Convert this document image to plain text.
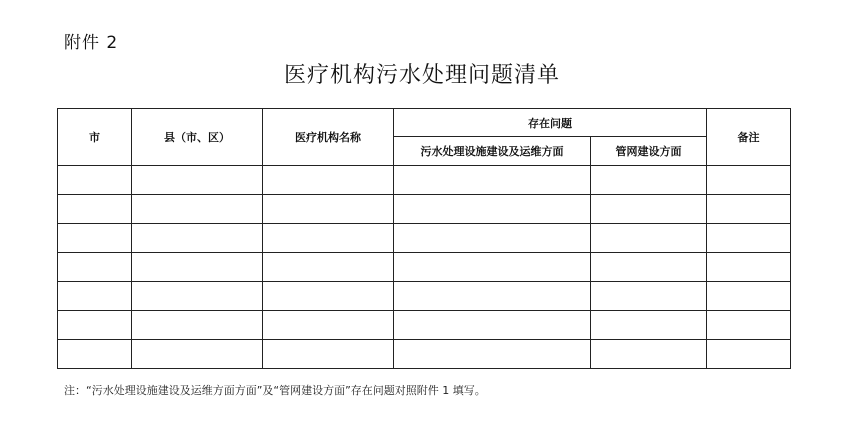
附件 2
医疗机构污水处理问题清单
市	县（市、区）	医疗机构名称	存在问题		备注
			污水处理设施建设及运维方面	管网建设方面	

注：“污水处理设施建设及运维方面方面”及“管网建设方面”存在问题对照附件 1 填写。
